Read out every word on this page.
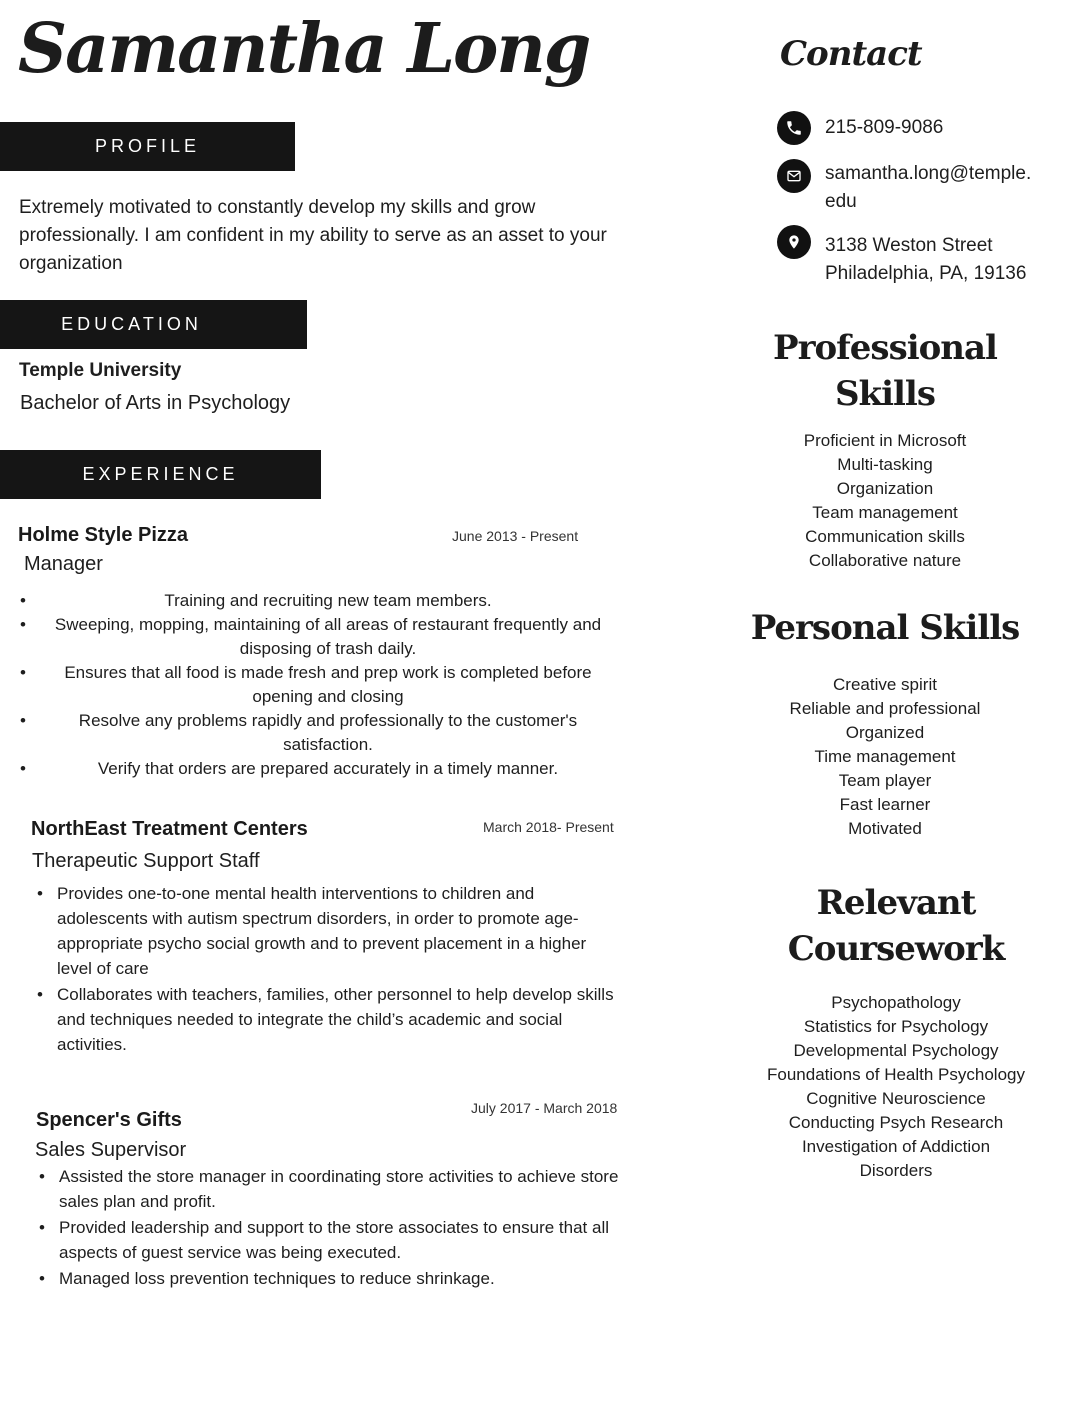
Samantha Long
PROFILE
Extremely motivated to constantly develop my skills and grow professionally. I am confident in my ability to serve as an asset to your organization
EDUCATION
Temple University
Bachelor of Arts in Psychology
EXPERIENCE
Holme Style Pizza	June 2013 - Present
Manager
• Training and recruiting new team members.
• Sweeping, mopping, maintaining of all areas of restaurant frequently and disposing of trash daily.
• Ensures that all food is made fresh and prep work is completed before opening and closing
• Resolve any problems rapidly and professionally to the customer's satisfaction.
• Verify that orders are prepared accurately in a timely manner.
NorthEast Treatment Centers	March 2018- Present
Therapeutic Support Staff
• Provides one-to-one mental health interventions to children and adolescents with autism spectrum disorders, in order to promote age-appropriate psycho social growth and to prevent placement in a higher level of care
• Collaborates with teachers, families, other personnel to help develop skills and techniques needed to integrate the child’s academic and social activities.
Spencer's Gifts
July 2017 - March 2018
Sales Supervisor
• Assisted the store manager in coordinating store activities to achieve store sales plan and profit.
• Provided leadership and support to the store associates to ensure that all aspects of guest service was being executed.
• Managed loss prevention techniques to reduce shrinkage.
Contact
215-809-9086
samantha.long@temple.
edu
3138 Weston Street
Philadelphia, PA, 19136
Professional
Skills
Proficient in Microsoft
Multi-tasking
Organization
Team management
Communication skills
Collaborative nature
Personal Skills
Creative spirit
Reliable and professional
Organized
Time management
Team player
Fast learner
Motivated
Relevant
Coursework
Psychopathology
Statistics for Psychology
Developmental Psychology
Foundations of Health Psychology
Cognitive Neuroscience
Conducting Psych Research
Investigation of Addiction
Disorders
